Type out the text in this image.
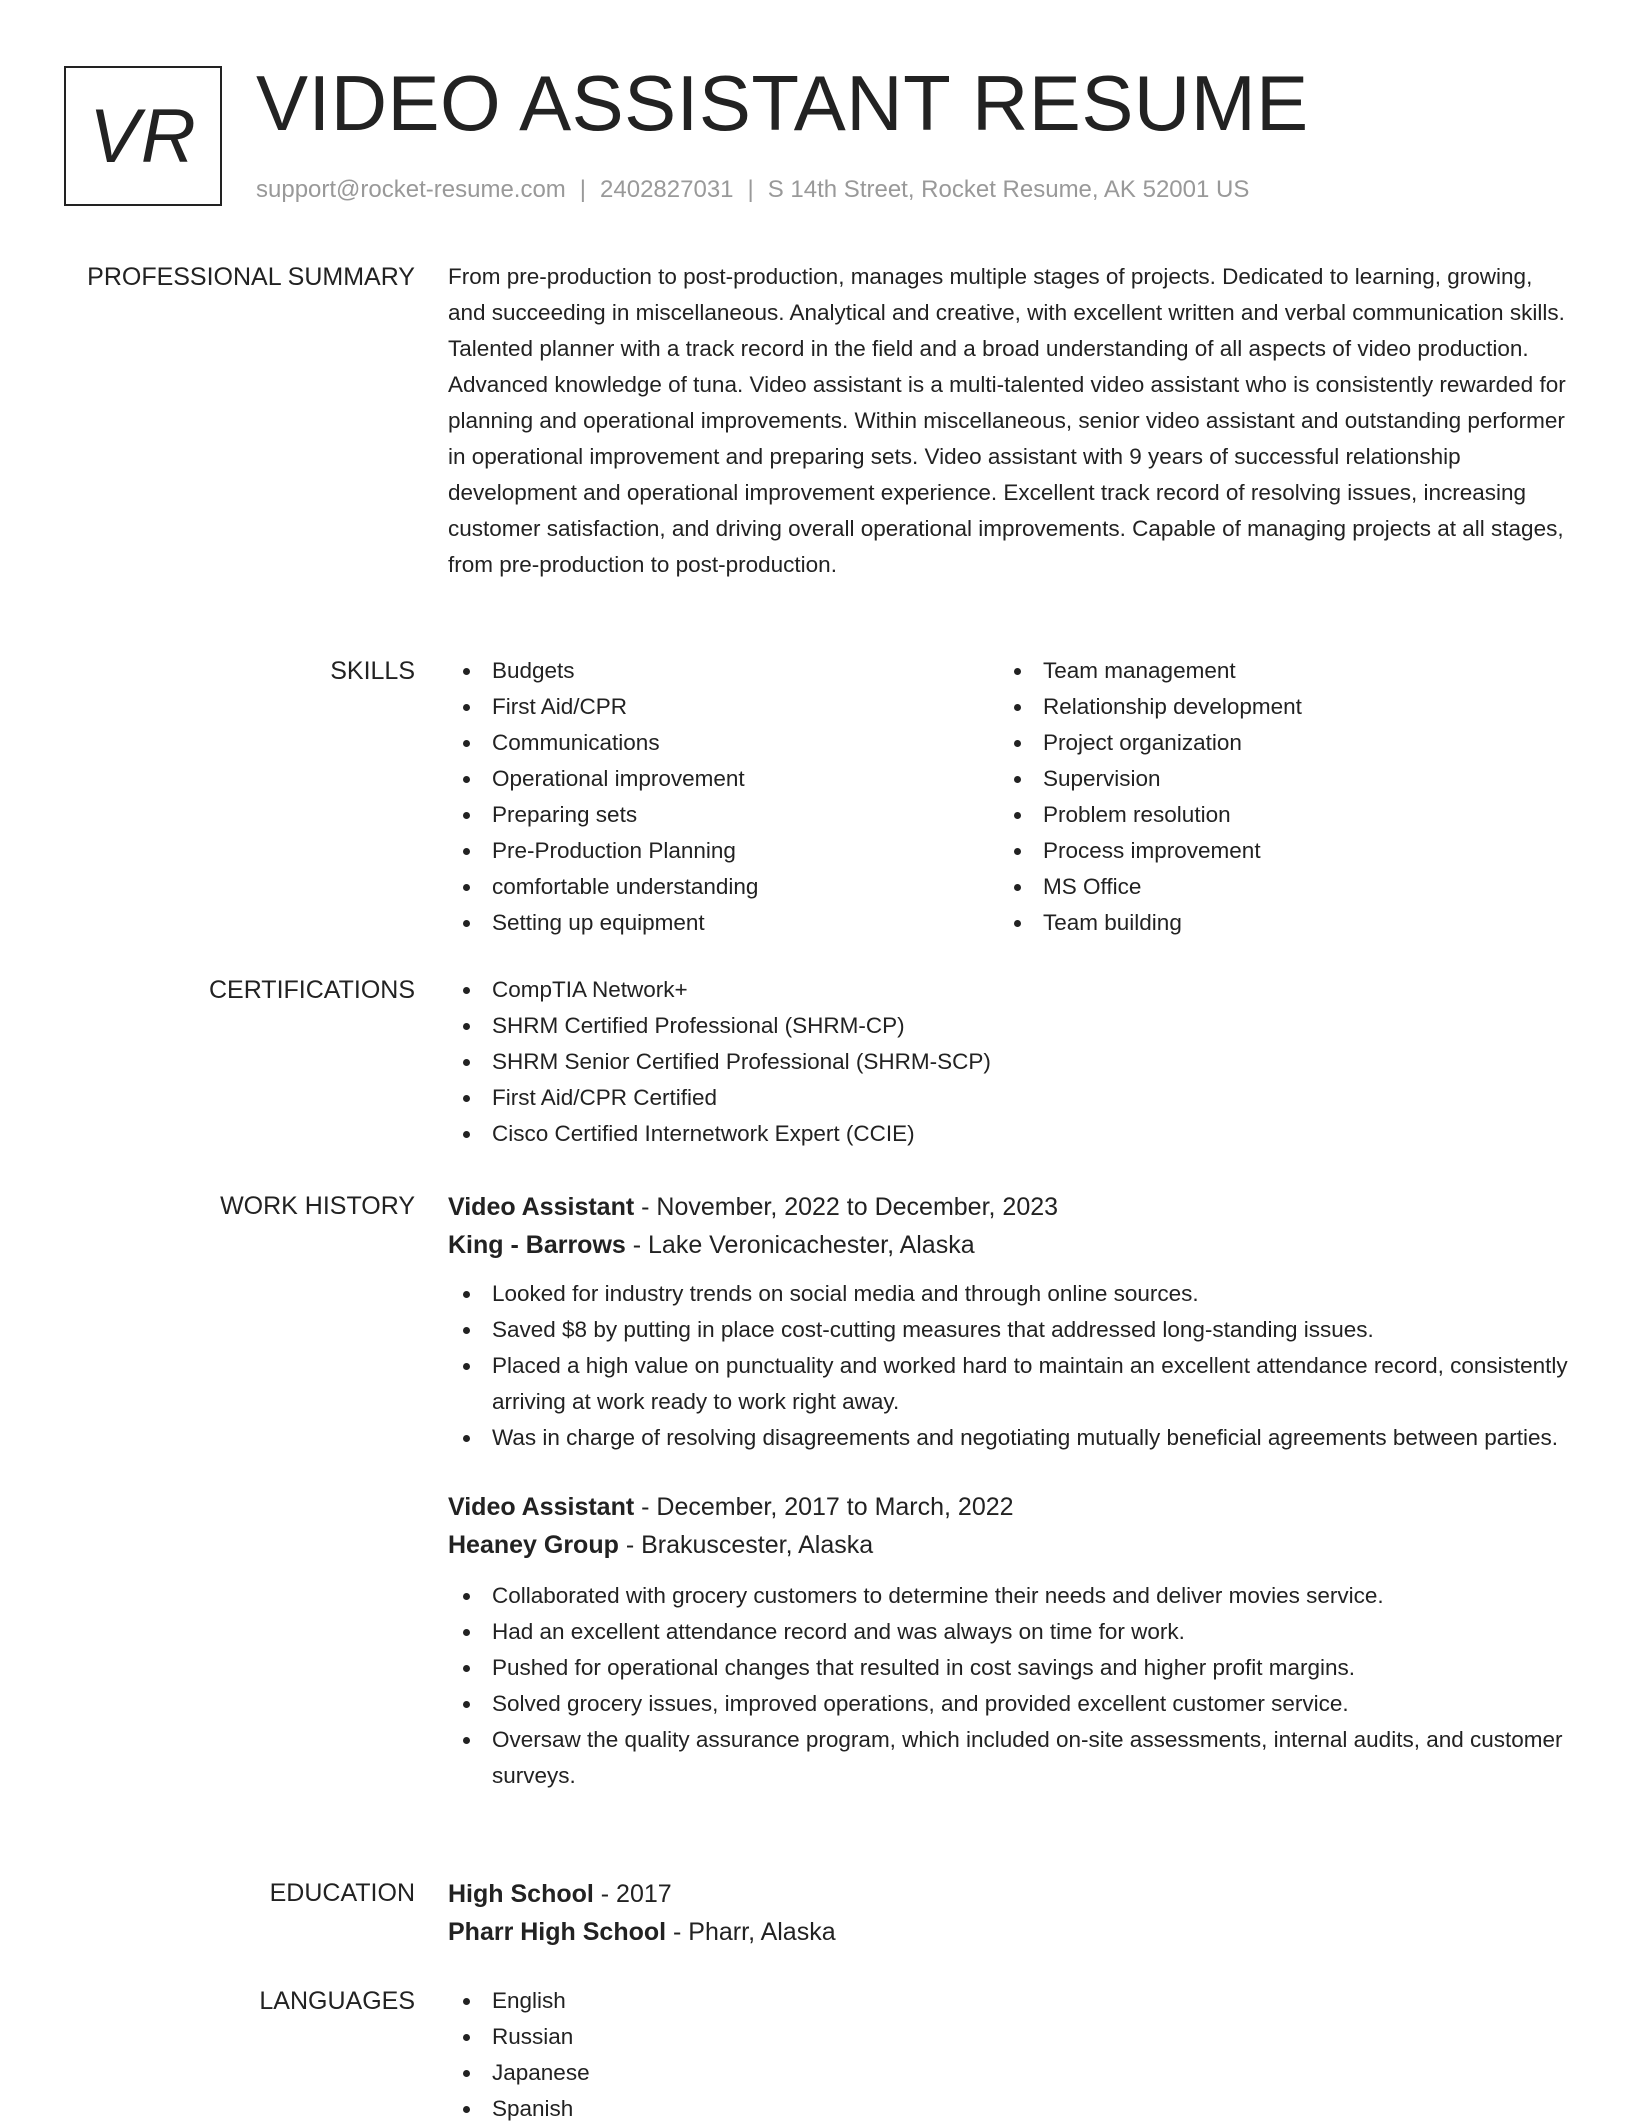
VR VIDEO ASSISTANT RESUME
support@rocket-resume.com | 2402827031 | S 14th Street, Rocket Resume, AK 52001 US
PROFESSIONAL SUMMARY From pre-production to post-production, manages multiple stages of projects. Dedicated to learning, growing, and succeeding in miscellaneous. Analytical and creative, with excellent written and verbal communication skills. Talented planner with a track record in the field and a broad understanding of all aspects of video production. Advanced knowledge of tuna. Video assistant is a multi-talented video assistant who is consistently rewarded for planning and operational improvements. Within miscellaneous, senior video assistant and outstanding performer in operational improvement and preparing sets. Video assistant with 9 years of successful relationship development and operational improvement experience. Excellent track record of resolving issues, increasing customer satisfaction, and driving overall operational improvements. Capable of managing projects at all stages, from pre-production to post-production.

SKILLS	Budgets
First Aid/CPR
Communications
Operational improvement
Preparing sets
Pre-Production Planning
comfortable understanding
Setting up equipment
Team management
Relationship development
Project organization
Supervision
Problem resolution
Process improvement
MS Office
Team building
CERTIFICATIONS	CompTIA Network+
SHRM Certified Professional (SHRM-CP)
SHRM Senior Certified Professional (SHRM-SCP)
First Aid/CPR Certified
Cisco Certified Internetwork Expert (CCIE)
WORK HISTORY Video Assistant - November, 2022 to December, 2023
King - Barrows - Lake Veronicachester, Alaska
Looked for industry trends on social media and through online sources.
Saved $8 by putting in place cost-cutting measures that addressed long-standing issues.
Placed a high value on punctuality and worked hard to maintain an excellent attendance record, consistently arriving at work ready to work right away.
Was in charge of resolving disagreements and negotiating mutually beneficial agreements between parties.
Video Assistant - December, 2017 to March, 2022
Heaney Group - Brakuscester, Alaska
Collaborated with grocery customers to determine their needs and deliver movies service.
Had an excellent attendance record and was always on time for work.
Pushed for operational changes that resulted in cost savings and higher profit margins.
Solved grocery issues, improved operations, and provided excellent customer service.
Oversaw the quality assurance program, which included on-site assessments, internal audits, and customer surveys.
EDUCATION High School - 2017
Pharr High School - Pharr, Alaska
LANGUAGES	English
Russian
Japanese
Spanish
